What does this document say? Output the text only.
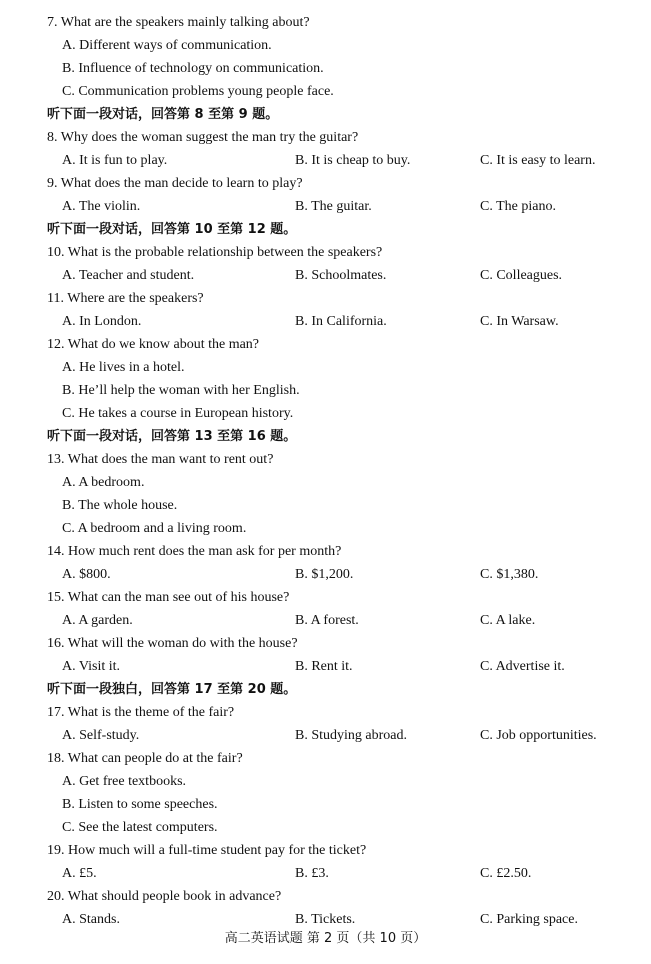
7. What are the speakers mainly talking about?
A. Different ways of communication.
B. Influence of technology on communication.
C. Communication problems young people face.
听下面一段对话，回答第 8 至第 9 题。
8. Why does the woman suggest the man try the guitar?
A. It is fun to play.	B. It is cheap to buy.	C. It is easy to learn.
9. What does the man decide to learn to play?
A. The violin.	B. The guitar.	C. The piano.
听下面一段对话，回答第 10 至第 12 题。
10. What is the probable relationship between the speakers?
A. Teacher and student.	B. Schoolmates.	C. Colleagues.
11. Where are the speakers?
A. In London.	B. In California.	C. In Warsaw.
12. What do we know about the man?
A. He lives in a hotel.
B. He’ll help the woman with her English.
C. He takes a course in European history.
听下面一段对话，回答第 13 至第 16 题。
13. What does the man want to rent out?
A. A bedroom.
B. The whole house.
C. A bedroom and a living room.
14. How much rent does the man ask for per month?
A. $800.	B. $1,200.	C. $1,380.
15. What can the man see out of his house?
A. A garden.	B. A forest.	C. A lake.
16. What will the woman do with the house?
A. Visit it.	B. Rent it.	C. Advertise it.
听下面一段独白，回答第 17 至第 20 题。
17. What is the theme of the fair?
A. Self-study.	B. Studying abroad.	C. Job opportunities.
18. What can people do at the fair?
A. Get free textbooks.
B. Listen to some speeches.
C. See the latest computers.
19. How much will a full-time student pay for the ticket?
A. £5.	B. £3.	C. £2.50.
20. What should people book in advance?
A. Stands.	B. Tickets.	C. Parking space.
高二英语试题 第 2 页（共 10 页）
